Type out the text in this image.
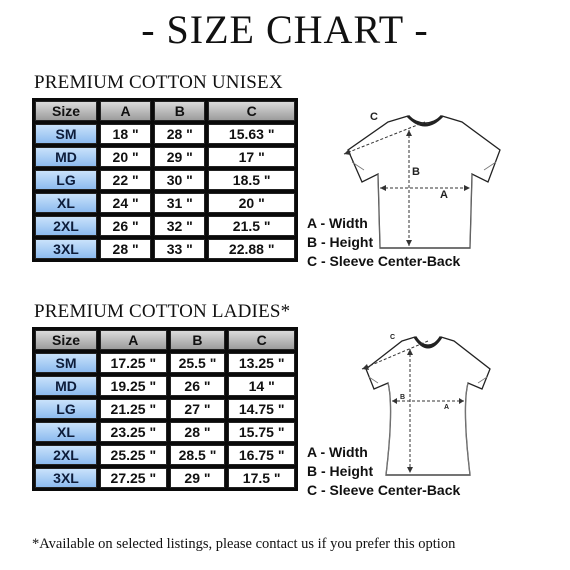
- SIZE CHART -
PREMIUM COTTON UNISEX
Size	A	B	C
SM	18 "	28 "	15.63 "
MD	20 "	29 "	17 "
LG	22 "	30 "	18.5 "
XL	24 "	31 "	20 "
2XL	26 "	32 "	21.5 "
3XL	28 "	33 "	22.88 "
A
B
C
A - Width
B - Height
C - Sleeve Center-Back
PREMIUM COTTON LADIES*
Size	A	B	C
SM	17.25 "	25.5 "	13.25 "
MD	19.25 "	26 "	14 "
LG	21.25 "	27 "	14.75 "
XL	23.25 "	28 "	15.75 "
2XL	25.25 "	28.5 "	16.75 "
3XL	27.25 "	29 "	17.5 "
A
B
C
A - Width
B - Height
C - Sleeve Center-Back
*Available on selected listings, please contact us if you prefer this option
